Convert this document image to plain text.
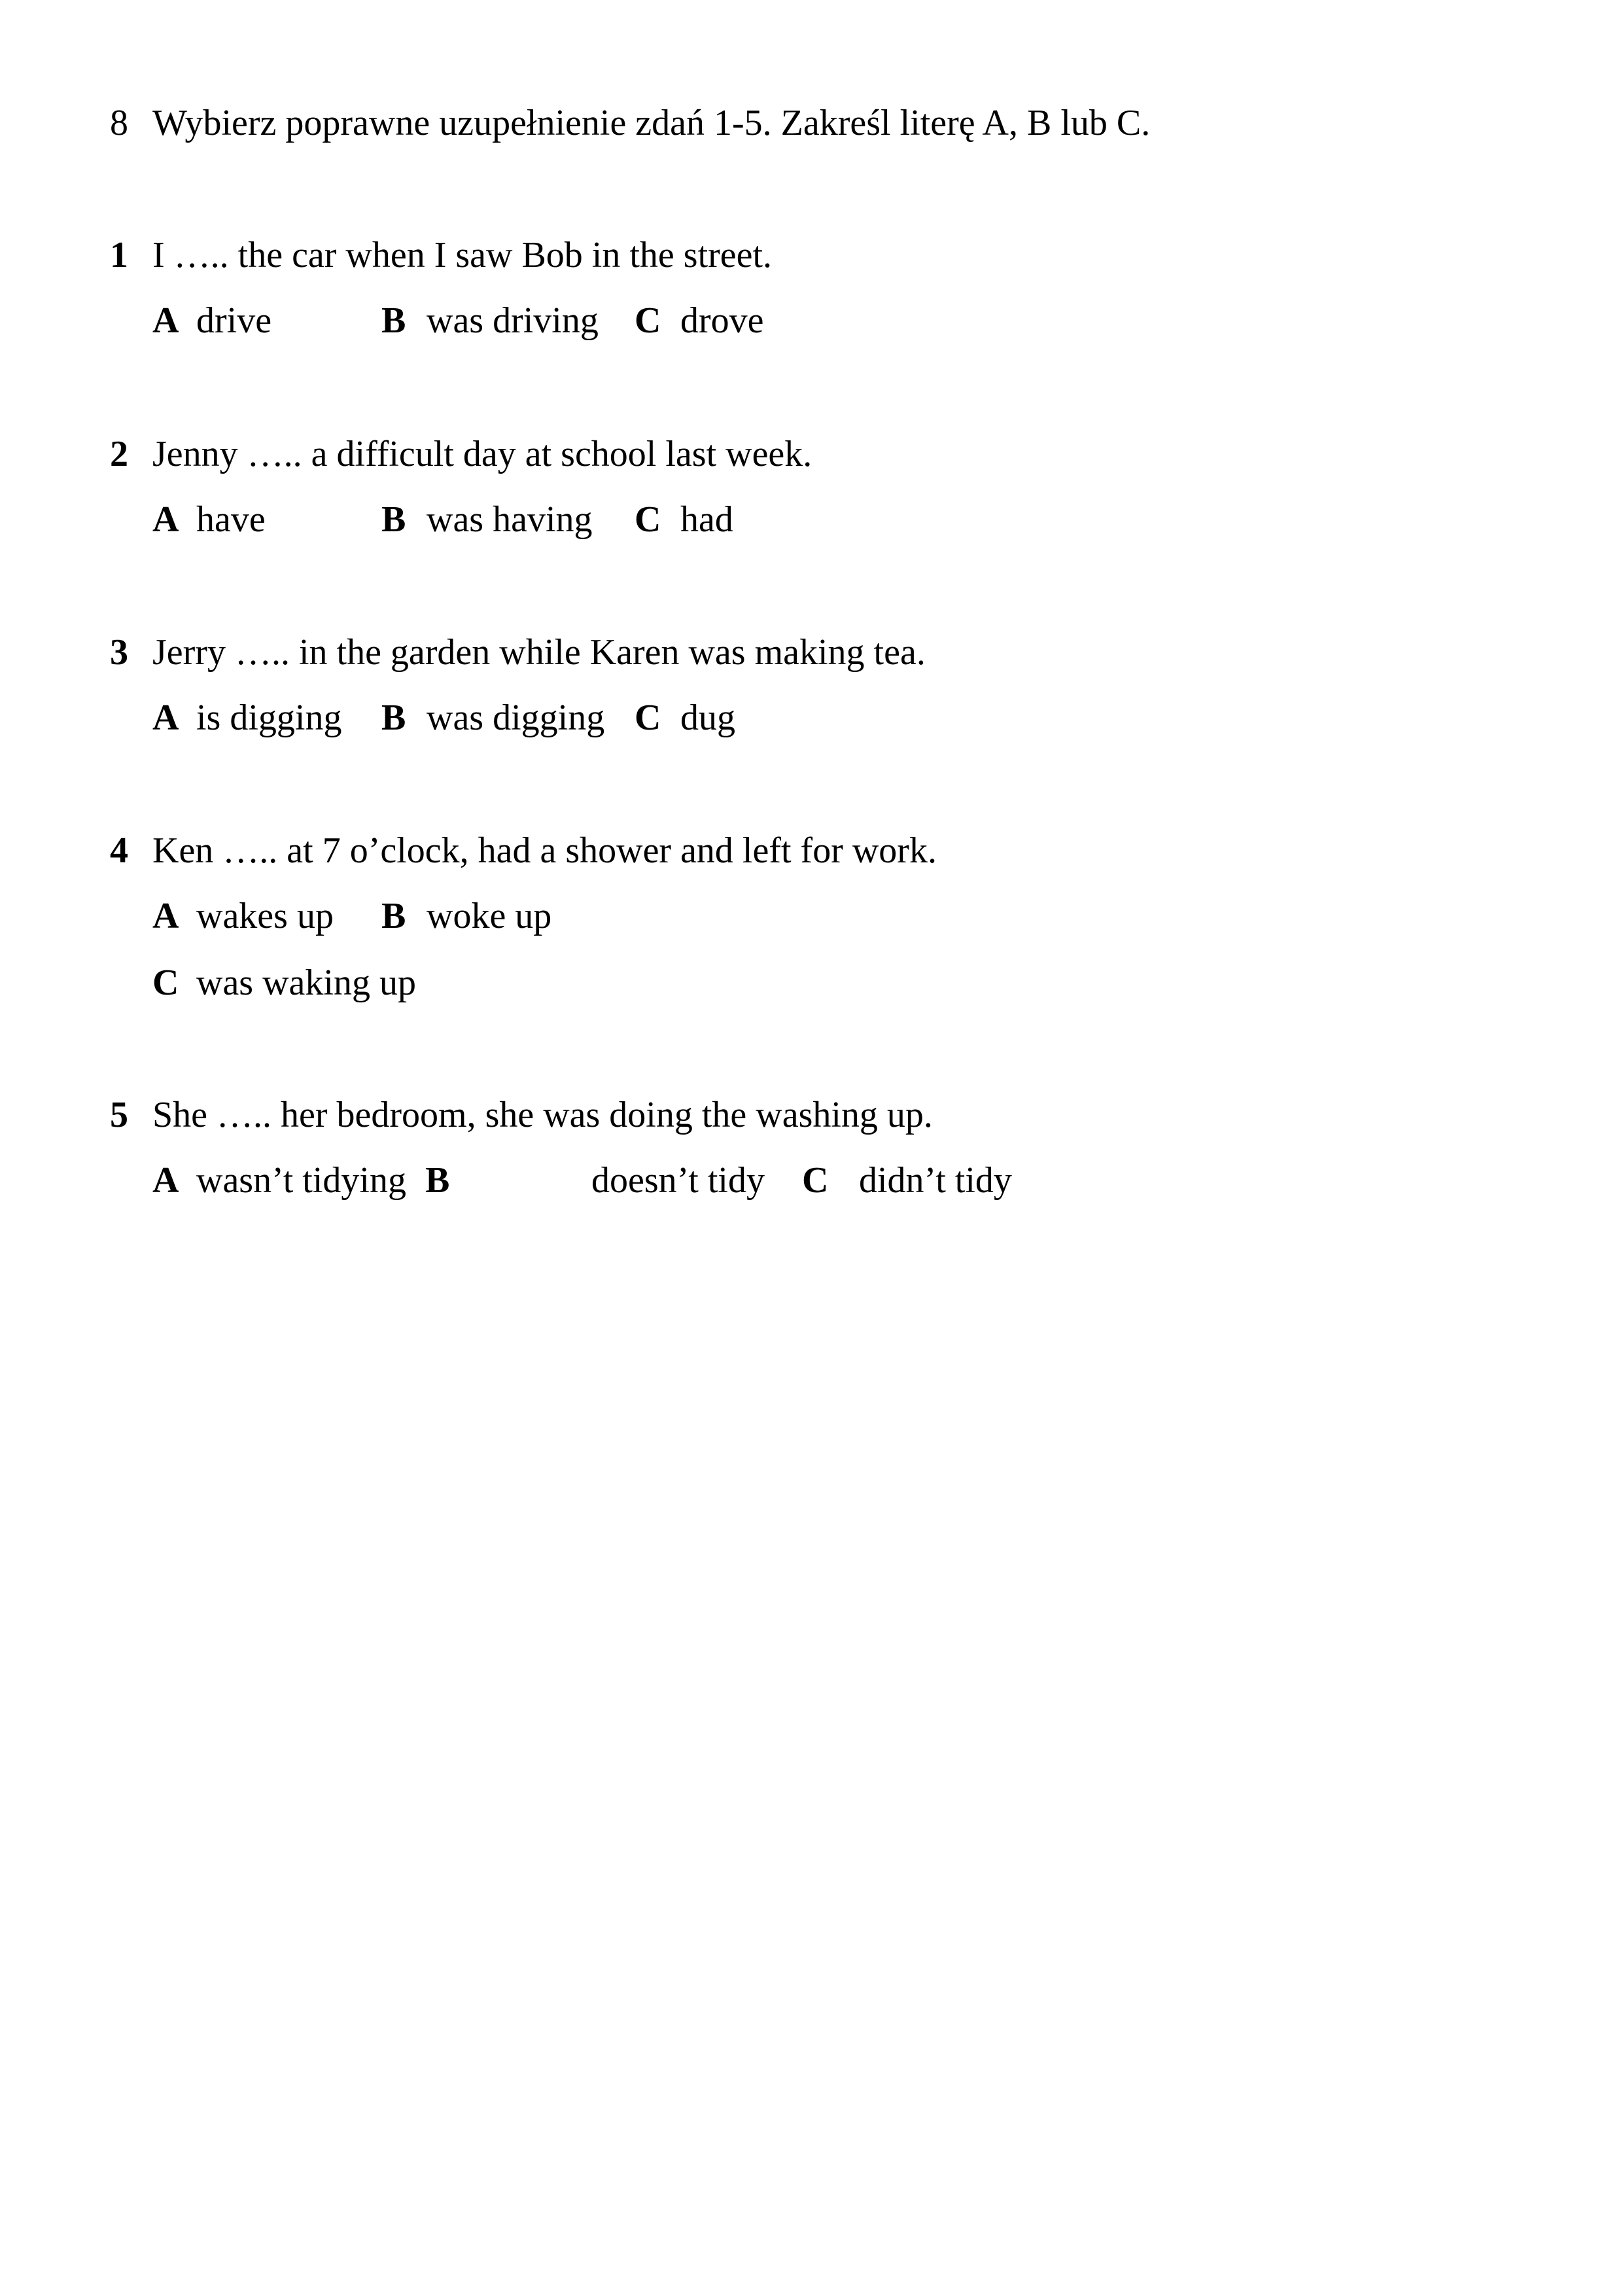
8 Wybierz poprawne uzupełnienie zdań 1-5. Zakreśl literę A, B lub C.
1 I ….. the car when I saw Bob in the street.
A drive	B was driving C drove
2 Jenny ….. a difficult day at school last week.
A have	B was having C had
3 Jerry ….. in the garden while Karen was making tea.
A is digging B was digging C dug
4 Ken ….. at 7 o’clock, had a shower and left for work.
A wakes up B woke up
C was waking up
5 She ….. her bedroom, she was doing the washing up.
A wasn’t tidying B	doesn’t tidy C didn’t tidy
